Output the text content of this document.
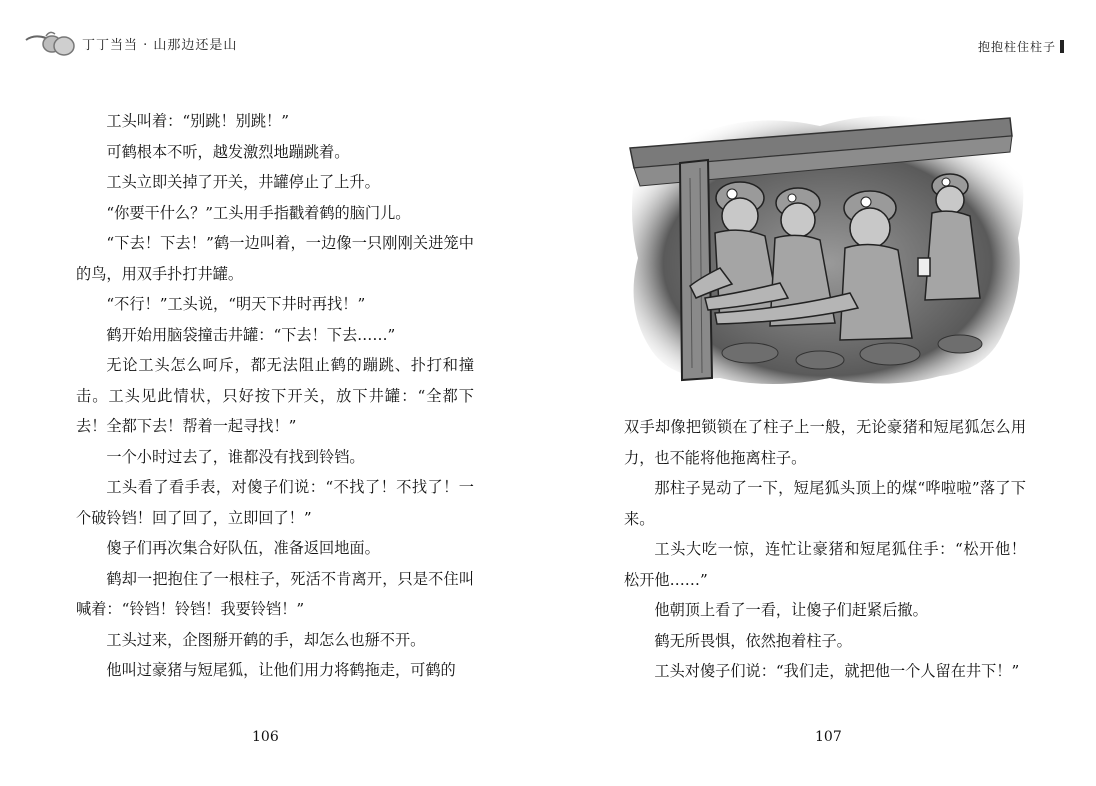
丁丁当当 · 山那边还是山	抱抱柱住柱子

工头叫着：“别跳！别跳！”

可鹤根本不听，越发激烈地蹦跳着。

工头立即关掉了开关，井罐停止了上升。

“你要干什么？”工头用手指戳着鹤的脑门儿。

“下去！下去！”鹤一边叫着，一边像一只刚刚关进笼中的鸟，用双手扑打井罐。

“不行！”工头说，“明天下井时再找！”

鹤开始用脑袋撞击井罐：“下去！下去……”

无论工头怎么呵斥，都无法阻止鹤的蹦跳、扑打和撞击。工头见此情状，只好按下开关，放下井罐：“全都下去！全都下去！帮着一起寻找！”

一个小时过去了，谁都没有找到铃铛。

工头看了看手表，对傻子们说：“不找了！不找了！一个破铃铛！回了回了，立即回了！”

傻子们再次集合好队伍，准备返回地面。

鹤却一把抱住了一根柱子，死活不肯离开，只是不住叫喊着：“铃铛！铃铛！我要铃铛！”

工头过来，企图掰开鹤的手，却怎么也掰不开。

他叫过豪猪与短尾狐，让他们用力将鹤拖走，可鹤的

双手却像把锁锁在了柱子上一般，无论豪猪和短尾狐怎么用力，也不能将他拖离柱子。

那柱子晃动了一下，短尾狐头顶上的煤“哗啦啦”落了下来。

工头大吃一惊，连忙让豪猪和短尾狐住手：“松开他！松开他……”

他朝顶上看了一看，让傻子们赶紧后撤。

鹤无所畏惧，依然抱着柱子。

工头对傻子们说：“我们走，就把他一个人留在井下！”

106	107
